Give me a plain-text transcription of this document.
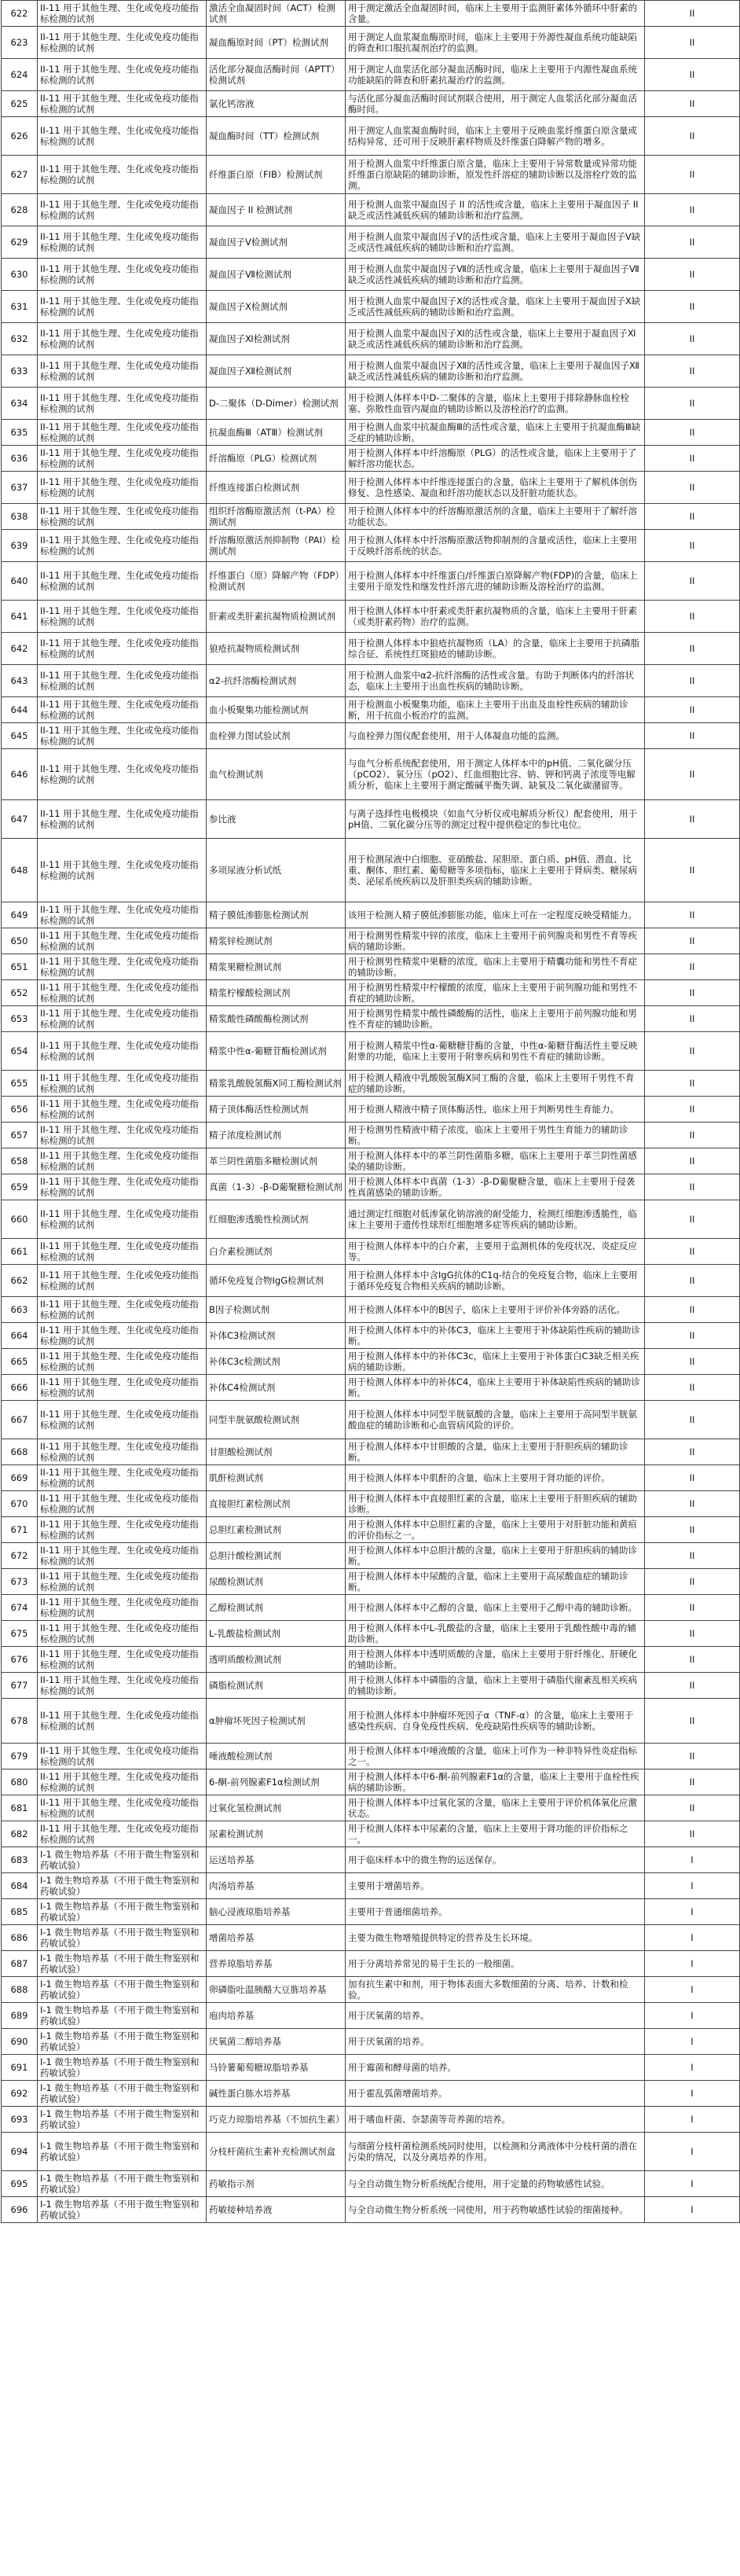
622	II-11 用于其他生理、生化或免疫功能指标检测的试剂	激活全血凝固时间（ACT）检测试剂	用于测定激活全血凝固时间，临床上主要用于监测肝素体外循环中肝素的含量。	II
623	II-11 用于其他生理、生化或免疫功能指标检测的试剂	凝血酶原时间（PT）检测试剂	用于测定人血浆凝血酶原时间，临床上主要用于外源性凝血系统功能缺陷的筛查和口服抗凝剂治疗的监测。	II
624	II-11 用于其他生理、生化或免疫功能指标检测的试剂	活化部分凝血活酶时间（APTT）检测试剂	用于测定人血浆活化部分凝血活酶时间，临床上主要用于内源性凝血系统功能缺陷的筛查和肝素抗凝治疗的监测。	II
625	II-11 用于其他生理、生化或免疫功能指标检测的试剂	氯化钙溶液	与活化部分凝血活酶时间试剂联合使用，用于测定人血浆活化部分凝血活酶时间。	II
626	II-11 用于其他生理、生化或免疫功能指标检测的试剂	凝血酶时间（TT）检测试剂	用于测定人血浆凝血酶时间，临床上主要用于反映血浆纤维蛋白原含量或结构异常，还可用于反映肝素样物质及纤维蛋白降解产物的增多。	II
627	II-11 用于其他生理、生化或免疫功能指标检测的试剂	纤维蛋白原（FIB）检测试剂	用于检测人血浆中纤维蛋白原含量，临床上主要用于异常数量或异常功能纤维蛋白原缺陷的辅助诊断，原发性纤溶症的辅助诊断以及溶栓疗效的监测。	II
628	II-11 用于其他生理、生化或免疫功能指标检测的试剂	凝血因子 II 检测试剂	用于检测人血浆中凝血因子 II 的活性或含量，临床上主要用于凝血因子 II 缺乏或活性减低疾病的辅助诊断和治疗监测。	II
629	II-11 用于其他生理、生化或免疫功能指标检测的试剂	凝血因子Ⅴ检测试剂	用于检测人血浆中凝血因子Ⅴ的活性或含量，临床上主要用于凝血因子Ⅴ缺乏或活性减低疾病的辅助诊断和治疗监测。	II
630	II-11 用于其他生理、生化或免疫功能指标检测的试剂	凝血因子Ⅶ检测试剂	用于检测人血浆中凝血因子Ⅶ的活性或含量，临床上主要用于凝血因子Ⅶ缺乏或活性减低疾病的辅助诊断和治疗监测。	II
631	II-11 用于其他生理、生化或免疫功能指标检测的试剂	凝血因子Ⅹ检测试剂	用于检测人血浆中凝血因子Ⅹ的活性或含量，临床上主要用于凝血因子Ⅹ缺乏或活性减低疾病的辅助诊断和治疗监测。	II
632	II-11 用于其他生理、生化或免疫功能指标检测的试剂	凝血因子Ⅺ检测试剂	用于检测人血浆中凝血因子Ⅺ的活性或含量，临床上主要用于凝血因子Ⅺ缺乏或活性减低疾病的辅助诊断和治疗监测。	II
633	II-11 用于其他生理、生化或免疫功能指标检测的试剂	凝血因子Ⅻ检测试剂	用于检测人血浆中凝血因子Ⅻ的活性或含量，临床上主要用于凝血因子Ⅻ缺乏或活性减低疾病的辅助诊断和治疗监测。	II
634	II-11 用于其他生理、生化或免疫功能指标检测的试剂	D-二聚体（D-Dimer）检测试剂	用于检测人体样本中D-二聚体的含量，临床上主要用于排除静脉血栓栓塞、弥散性血管内凝血的辅助诊断以及溶栓治疗的监测。	II
635	II-11 用于其他生理、生化或免疫功能指标检测的试剂	抗凝血酶Ⅲ（ATⅢ）检测试剂	用于检测人血浆中抗凝血酶Ⅲ的活性或含量，临床上主要用于抗凝血酶Ⅲ缺乏症的辅助诊断。	II
636	II-11 用于其他生理、生化或免疫功能指标检测的试剂	纤溶酶原（PLG）检测试剂	用于检测人体样本中纤溶酶原（PLG）的活性或含量，临床上主要用于了解纤溶功能状态。	II
637	II-11 用于其他生理、生化或免疫功能指标检测的试剂	纤维连接蛋白检测试剂	用于检测人体样本中纤维连接蛋白的含量，临床上主要用于了解机体创伤修复、急性感染、凝血和纤溶功能状态以及肝脏功能状态。	II
638	II-11 用于其他生理、生化或免疫功能指标检测的试剂	组织纤溶酶原激活剂（t-PA）检测试剂	用于检测人体样本中的纤溶酶原激活剂的含量，临床上主要用于了解纤溶功能状态。	II
639	II-11 用于其他生理、生化或免疫功能指标检测的试剂	纤溶酶原激活剂抑制物（PAI）检测试剂	用于检测人体样本中纤溶酶原激活物抑制剂的含量或活性，临床上主要用于反映纤溶系统的状态。	II
640	II-11 用于其他生理、生化或免疫功能指标检测的试剂	纤维蛋白（原）降解产物（FDP）检测试剂	用于检测人体样本中纤维蛋白/纤维蛋白原降解产物(FDP)的含量，临床上主要用于原发性和继发性纤溶亢进的辅助诊断及溶栓治疗的监测。	II
641	II-11 用于其他生理、生化或免疫功能指标检测的试剂	肝素或类肝素抗凝物质检测试剂	用于检测人体样本中肝素或类肝素抗凝物质的含量，临床上主要用于肝素（或类肝素药物）治疗的监测。	II
642	II-11 用于其他生理、生化或免疫功能指标检测的试剂	狼疮抗凝物质检测试剂	用于检测人体样本中狼疮抗凝物质（LA）的含量，临床上主要用于抗磷脂综合征、系统性红斑狼疮的辅助诊断。	II
643	II-11 用于其他生理、生化或免疫功能指标检测的试剂	α2-抗纤溶酶检测试剂	用于检测人血浆中α2-抗纤溶酶的活性或含量。有助于判断体内的纤溶状态，临床上主要用于出血性疾病的辅助诊断。	II
644	II-11 用于其他生理、生化或免疫功能指标检测的试剂	血小板聚集功能检测试剂	用于检测血小板聚集功能，临床上主要用于出血及血栓性疾病的辅助诊断，用于抗血小板治疗的监测。	II
645	II-11 用于其他生理、生化或免疫功能指标检测的试剂	血栓弹力图试验试剂	与血栓弹力图仪配套使用，用于人体凝血功能的监测。	II
646	II-11 用于其他生理、生化或免疫功能指标检测的试剂	血气检测试剂	与血气分析系统配套使用，用于测定人体样本中的pH值、二氧化碳分压（pCO2）、氧分压（pO2）、红血细胞比容、钠、钾和钙离子浓度等电解质分析，临床上主要用于测定酸碱平衡失调、缺氧及二氧化碳潴留等。	II
647	II-11 用于其他生理、生化或免疫功能指标检测的试剂	参比液	与离子选择性电极模块（如血气分析仪或电解质分析仪）配套使用，用于pH值、二氧化碳分压等的测定过程中提供稳定的参比电位。	II
648	II-11 用于其他生理、生化或免疫功能指标检测的试剂	多项尿液分析试纸	用于检测尿液中白细胞、亚硝酸盐、尿胆原、蛋白质、pH值、潜血、比重、酮体、胆红素、葡萄糖等多项指标，临床上主要用于肾病类、糖尿病类、泌尿系统疾病以及肝胆类疾病的辅助诊断。	II
649	II-11 用于其他生理、生化或免疫功能指标检测的试剂	精子膜低渗膨胀检测试剂	该用于检测人精子膜低渗膨胀功能，临床上可在一定程度反映受精能力。	II
650	II-11 用于其他生理、生化或免疫功能指标检测的试剂	精浆锌检测试剂	用于检测男性精浆中锌的浓度，临床上主要用于前列腺炎和男性不育等疾病的辅助诊断。	II
651	II-11 用于其他生理、生化或免疫功能指标检测的试剂	精浆果糖检测试剂	用于检测男性精浆中果糖的浓度，临床上主要用于精囊功能和男性不育症的辅助诊断。	II
652	II-11 用于其他生理、生化或免疫功能指标检测的试剂	精浆柠檬酸检测试剂	用于检测男性精浆中柠檬酸的浓度，临床上主要用于前列腺功能和男性不育症的辅助诊断。	II
653	II-11 用于其他生理、生化或免疫功能指标检测的试剂	精浆酸性磷酸酶检测试剂	用于检测男性精浆中酸性磷酸酶的活性，临床上主要用于前列腺功能和男性不育症的辅助诊断。	II
654	II-11 用于其他生理、生化或免疫功能指标检测的试剂	精浆中性α-葡糖苷酶检测试剂	用于检测人精浆中性α-葡糖糖苷酶的含量，中性α-葡糖苷酶活性主要反映附睾的功能，临床上主要用于附睾疾病和男性不育症的辅助诊断。	II
655	II-11 用于其他生理、生化或免疫功能指标检测的试剂	精浆乳酸脱氢酶X同工酶检测试剂	用于检测人精液中乳酸脱氢酶X同工酶的含量，临床上主要用于男性不育症的辅助诊断。	II
656	II-11 用于其他生理、生化或免疫功能指标检测的试剂	精子顶体酶活性检测试剂	用于检测人精液中精子顶体酶活性，临床上用于判断男性生育能力。	II
657	II-11 用于其他生理、生化或免疫功能指标检测的试剂	精子浓度检测试剂	用于检测男性精液中精子浓度，临床上主要用于男性生育能力的辅助诊断。	II
658	II-11 用于其他生理、生化或免疫功能指标检测的试剂	革兰阴性菌脂多糖检测试剂	用于检测人体样本中的革兰阴性菌脂多糖，临床上主要用于革兰阴性菌感染的辅助诊断。	II
659	II-11 用于其他生理、生化或免疫功能指标检测的试剂	真菌（1-3）-β-D葡聚糖检测试剂	用于检测人体样本中真菌（1-3）-β-D葡聚糖含量，临床上主要用于侵袭性真菌感染的辅助诊断。	II
660	II-11 用于其他生理、生化或免疫功能指标检测的试剂	红细胞渗透脆性检测试剂	通过测定红细胞对低渗氯化钠溶液的耐受能力，检测红细胞渗透脆性，临床上主要用于遗传性球形红细胞增多症等疾病的辅助诊断。	II
661	II-11 用于其他生理、生化或免疫功能指标检测的试剂	白介素检测试剂	用于检测人体样本中的白介素，主要用于监测机体的免疫状况、炎症反应等。	II
662	II-11 用于其他生理、生化或免疫功能指标检测的试剂	循环免疫复合物IgG检测试剂	用于检测人体样本中含IgG抗体的C1q-结合的免疫复合物，临床上主要用于循环免疫复合物相关疾病的辅助诊断。	II
663	II-11 用于其他生理、生化或免疫功能指标检测的试剂	B因子检测试剂	用于检测人体样本中的B因子，临床上主要用于评价补体旁路的活化。	II
664	II-11 用于其他生理、生化或免疫功能指标检测的试剂	补体C3检测试剂	用于检测人体样本中的补体C3，临床上主要用于补体缺陷性疾病的辅助诊断。	II
665	II-11 用于其他生理、生化或免疫功能指标检测的试剂	补体C3c检测试剂	用于检测人体样本中的补体C3c，临床上主要用于补体蛋白C3缺乏相关疾病的辅助诊断。	II
666	II-11 用于其他生理、生化或免疫功能指标检测的试剂	补体C4检测试剂	用于检测人体样本中的补体C4，临床上主要用于补体缺陷性疾病的辅助诊断。	II
667	II-11 用于其他生理、生化或免疫功能指标检测的试剂	同型半胱氨酸检测试剂	用于检测人体样本中同型半胱氨酸的含量，临床上主要用于高同型半胱氨酸血症的辅助诊断和心血管病风险的评价。	II
668	II-11 用于其他生理、生化或免疫功能指标检测的试剂	甘胆酸检测试剂	用于检测人体样本中甘胆酸的含量，临床上主要用于肝胆疾病的辅助诊断。	II
669	II-11 用于其他生理、生化或免疫功能指标检测的试剂	肌酐检测试剂	用于检测人体样本中肌酐的含量，临床上主要用于肾功能的评价。	II
670	II-11 用于其他生理、生化或免疫功能指标检测的试剂	直接胆红素检测试剂	用于检测人体样本中直接胆红素的含量，临床上主要用于肝胆疾病的辅助诊断。	II
671	II-11 用于其他生理、生化或免疫功能指标检测的试剂	总胆红素检测试剂	用于检测人体样本中总胆红素的含量，临床上主要用于对肝脏功能和黄疸的评价指标之一。	II
672	II-11 用于其他生理、生化或免疫功能指标检测的试剂	总胆汁酸检测试剂	用于检测人体样本中总胆汁酸的含量，临床上主要用于肝胆疾病的辅助诊断。	II
673	II-11 用于其他生理、生化或免疫功能指标检测的试剂	尿酸检测试剂	用于检测人体样本中尿酸的含量，临床上主要用于高尿酸血症的辅助诊断。	II
674	II-11 用于其他生理、生化或免疫功能指标检测的试剂	乙醇检测试剂	用于检测人体样本中乙醇的含量，临床上主要用于乙醇中毒的辅助诊断。	II
675	II-11 用于其他生理、生化或免疫功能指标检测的试剂	L-乳酸盐检测试剂	用于检测人体样本中L-乳酸盐的含量，临床上主要用于乳酸性酸中毒的辅助诊断。	II
676	II-11 用于其他生理、生化或免疫功能指标检测的试剂	透明质酸检测试剂	用于检测人体样本中透明质酸的含量，临床上主要用于肝纤维化、肝硬化的辅助诊断。	II
677	II-11 用于其他生理、生化或免疫功能指标检测的试剂	磷脂检测试剂	用于检测人体样本中磷脂的含量，临床上主要用于磷脂代谢紊乱相关疾病的辅助诊断。	II
678	II-11 用于其他生理、生化或免疫功能指标检测的试剂	α肿瘤坏死因子检测试剂	用于检测人体样本中肿瘤坏死因子α（TNF-α）的含量，临床上主要用于感染性疾病、自身免疫性疾病、免疫缺陷性疾病等的辅助诊断。	II
679	II-11 用于其他生理、生化或免疫功能指标检测的试剂	唾液酸检测试剂	用于检测人体样本中唾液酸的含量，临床上可作为一种非特异性炎症指标之一。	II
680	II-11 用于其他生理、生化或免疫功能指标检测的试剂	6-酮-前列腺素F1α检测试剂	用于检测人体样本中6-酮-前列腺素F1α的含量，临床上主要用于血栓性疾病的辅助诊断。	II
681	II-11 用于其他生理、生化或免疫功能指标检测的试剂	过氧化氢检测试剂	用于检测人体样本中过氧化氢的含量，临床上主要用于评价机体氧化应激状态。	II
682	II-11 用于其他生理、生化或免疫功能指标检测的试剂	尿素检测试剂	用于检测人体样本中尿素的含量，临床上主要用于肾功能的评价指标之一。	II
683	I-1 微生物培养基（不用于微生物鉴别和药敏试验）	运送培养基	用于临床样本中的微生物的运送保存。	I
684	I-1 微生物培养基（不用于微生物鉴别和药敏试验）	肉汤培养基	主要用于增菌培养。	I
685	I-1 微生物培养基（不用于微生物鉴别和药敏试验）	脑心浸液琼脂培养基	主要用于普通细菌培养。	I
686	I-1 微生物培养基（不用于微生物鉴别和药敏试验）	增菌培养基	主要为微生物增殖提供特定的营养及生长环境。	I
687	I-1 微生物培养基（不用于微生物鉴别和药敏试验）	营养琼脂培养基	用于分离培养常见的易于生长的一般细菌。	I
688	I-1 微生物培养基（不用于微生物鉴别和药敏试验）	卵磷脂吐温胰酪大豆胨培养基	加有抗生素中和剂，用于物体表面大多数细菌的分离、培养、计数和检验。	I
689	I-1 微生物培养基（不用于微生物鉴别和药敏试验）	庖肉培养基	用于厌氧菌的培养。	I
690	I-1 微生物培养基（不用于微生物鉴别和药敏试验）	厌氧菌二醇培养基	用于厌氧菌的培养。	I
691	I-1 微生物培养基（不用于微生物鉴别和药敏试验）	马铃薯葡萄糖琼脂培养基	用于霉菌和酵母菌的培养。	I
692	I-1 微生物培养基（不用于微生物鉴别和药敏试验）	碱性蛋白胨水培养基	用于霍乱弧菌增菌培养。	I
693	I-1 微生物培养基（不用于微生物鉴别和药敏试验）	巧克力琼脂培养基（不加抗生素）	用于嗜血杆菌、奈瑟菌等苛养菌的培养。	I
694	I-1 微生物培养基（不用于微生物鉴别和药敏试验）	分枝杆菌抗生素补充检测试剂盒	与细菌分枝杆菌检测系统同时使用，以检测和分离液体中分枝杆菌的潜在污染的情况，以及分离培养的作用。	I
695	I-1 微生物培养基（不用于微生物鉴别和药敏试验）	药敏指示剂	与全自动微生物分析系统配合使用，用于定量的药物敏感性试验。	I
696	I-1 微生物培养基（不用于微生物鉴别和药敏试验）	药敏接种培养液	与全自动微生物分析系统一同使用，用于药物敏感性试验的细菌接种。	I
